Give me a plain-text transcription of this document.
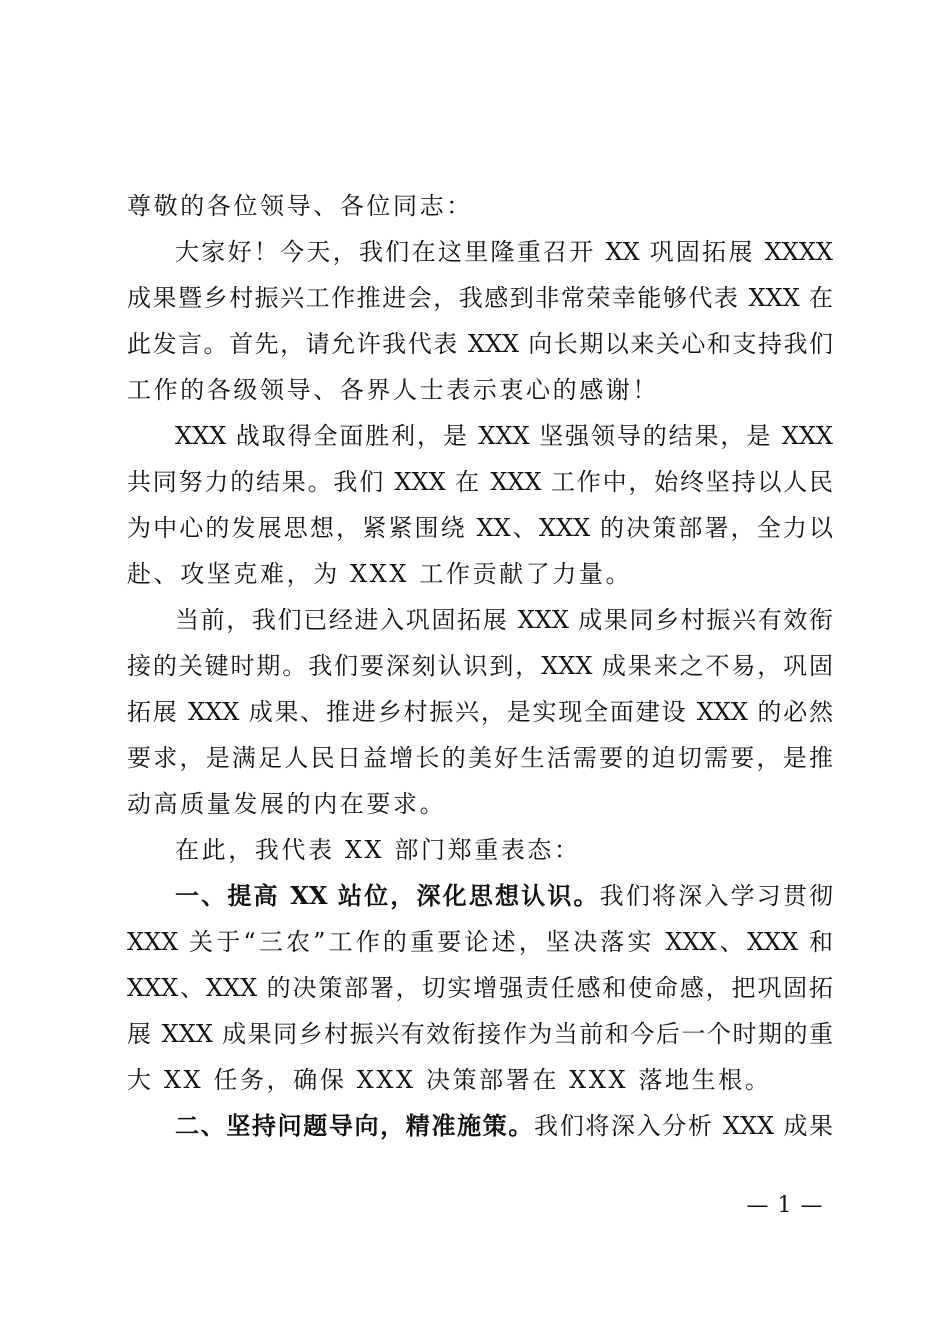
尊敬的各位领导、各位同志：
大家好！今天，我们在这里隆重召开 XX 巩固拓展 XXXX
成果暨乡村振兴工作推进会，我感到非常荣幸能够代表 XXX 在
此发言。首先，请允许我代表 XXX 向长期以来关心和支持我们
工作的各级领导、各界人士表示衷心的感谢！
XXX 战取得全面胜利，是 XXX 坚强领导的结果，是 XXX
共同努力的结果。我们 XXX 在 XXX 工作中，始终坚持以人民
为中心的发展思想，紧紧围绕 XX、XXX 的决策部署，全力以
赴、攻坚克难，为 XXX 工作贡献了力量。
当前，我们已经进入巩固拓展 XXX 成果同乡村振兴有效衔
接的关键时期。我们要深刻认识到，XXX 成果来之不易，巩固
拓展 XXX 成果、推进乡村振兴，是实现全面建设 XXX 的必然
要求，是满足人民日益增长的美好生活需要的迫切需要，是推
动高质量发展的内在要求。
在此，我代表 XX 部门郑重表态：
一、提高 XX 站位，深化思想认识。我们将深入学习贯彻
XXX 关于“三农”工作的重要论述，坚决落实 XXX、XXX 和
XXX、XXX 的决策部署，切实增强责任感和使命感，把巩固拓
展 XXX 成果同乡村振兴有效衔接作为当前和今后一个时期的重
大 XX 任务，确保 XXX 决策部署在 XXX 落地生根。
二、坚持问题导向，精准施策。我们将深入分析 XXX 成果
— 1 —
